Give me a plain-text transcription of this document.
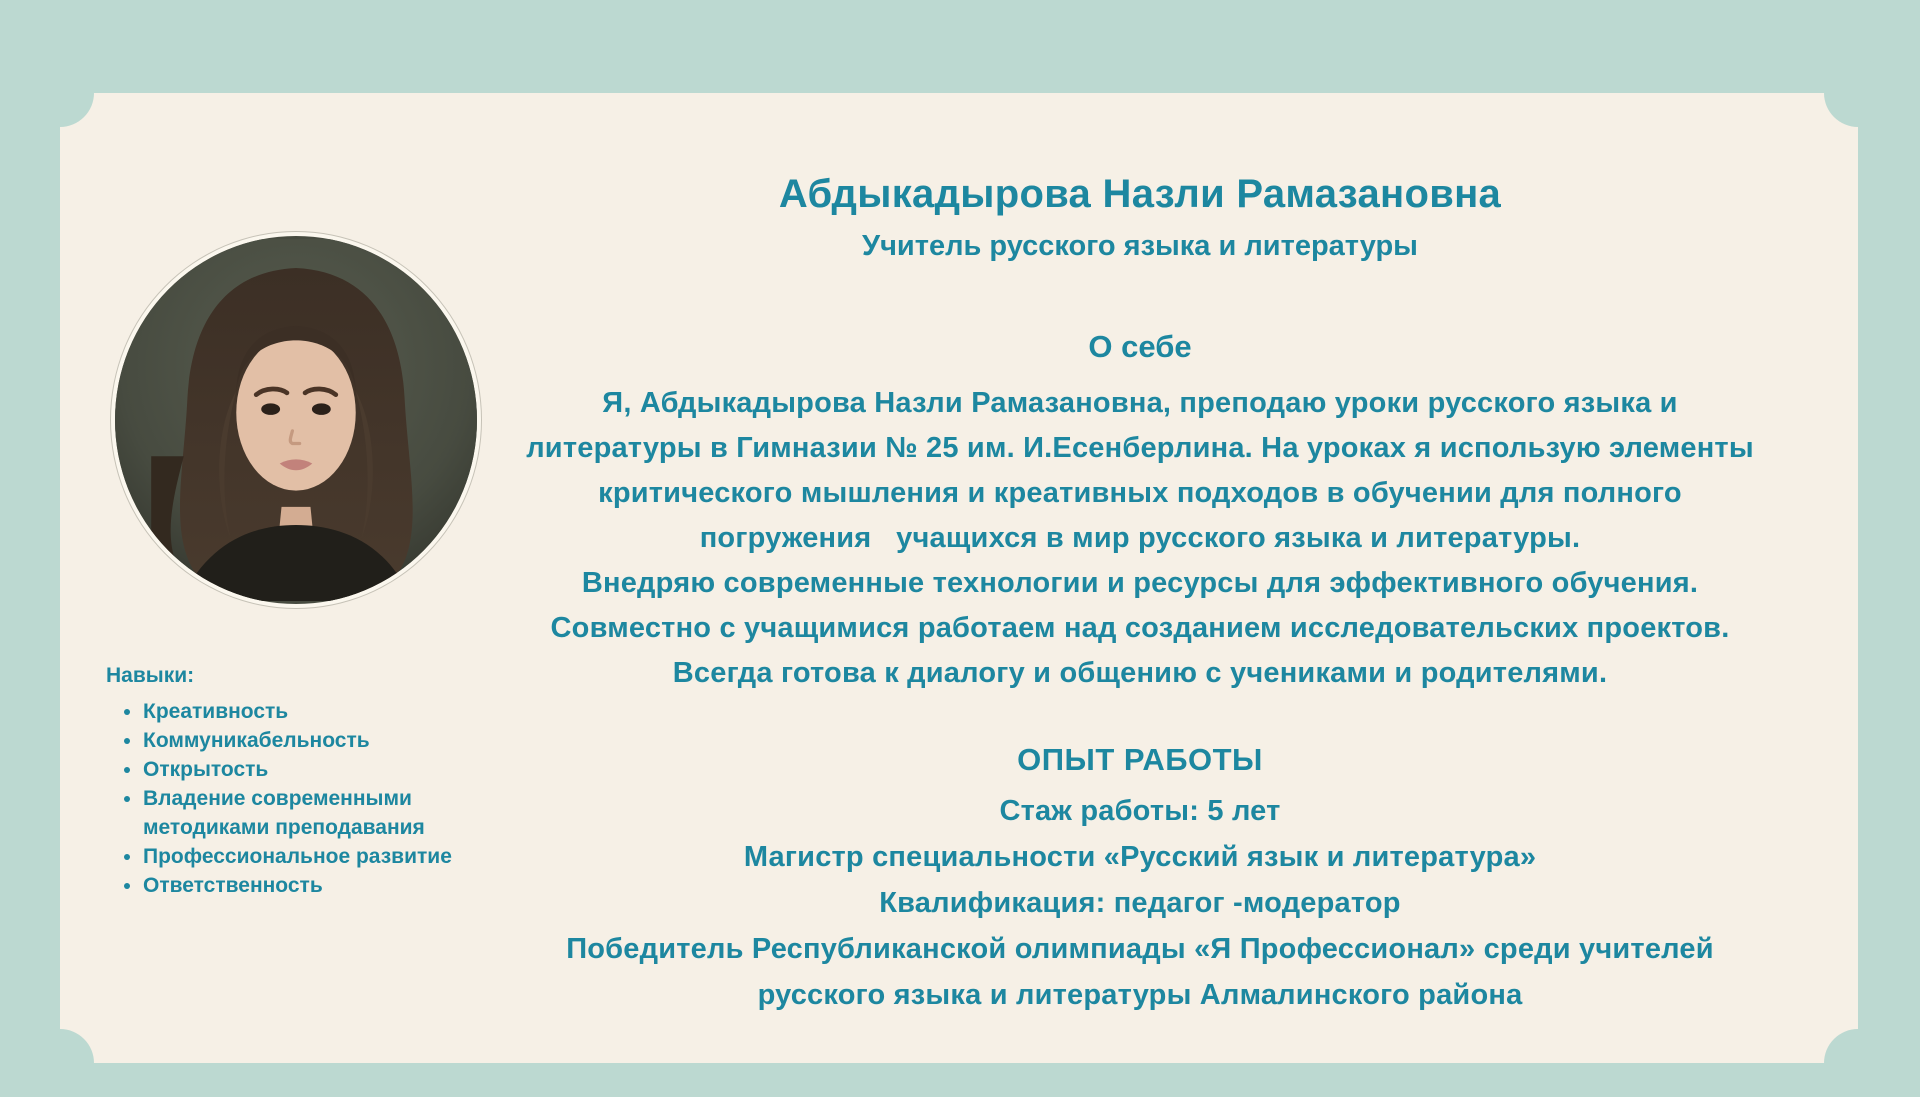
Абдыкадырова Назли Рамазановна
Учитель русского языка и литературы
О себе
Я, Абдыкадырова Назли Рамазановна, преподаю уроки русского языка и
литературы в Гимназии № 25 им. И.Есенберлина. На уроках я использую элементы
критического мышления и креативных подходов в обучении для полного
погружения   учащихся в мир русского языка и литературы.
Внедряю современные технологии и ресурсы для эффективного обучения.
Совместно с учащимися работаем над созданием исследовательских проектов.
Всегда готова к диалогу и общению с учениками и родителями.
ОПЫТ РАБОТЫ
Стаж работы: 5 лет
Магистр специальности «Русский язык и литература»
Квалификация: педагог -модератор
Победитель Республиканской олимпиады «Я Профессионал» среди учителей
русского языка и литературы Алмалинского района
Навыки:
• Креативность
• Коммуникабельность
• Открытость
• Владение современными  методиками преподавания
• Профессиональное развитие
• Ответственность
